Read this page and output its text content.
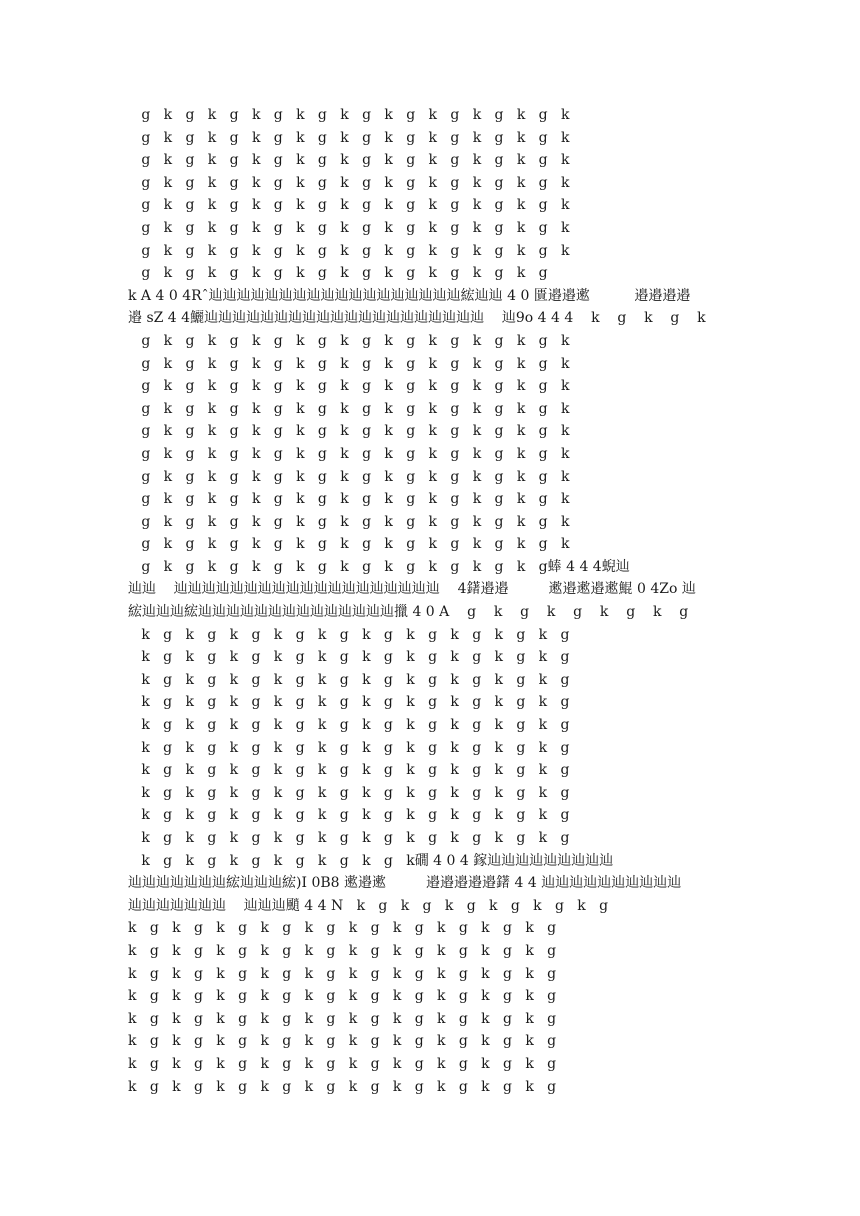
g   k   g   k   g   k   g   k   g   k   g   k   g   k   g   k   g   k   g   k
g   k   g   k   g   k   g   k   g   k   g   k   g   k   g   k   g   k   g   k
g   k   g   k   g   k   g   k   g   k   g   k   g   k   g   k   g   k   g   k
g   k   g   k   g   k   g   k   g   k   g   k   g   k   g   k   g   k   g   k
g   k   g   k   g   k   g   k   g   k   g   k   g   k   g   k   g   k   g   k
g   k   g   k   g   k   g   k   g   k   g   k   g   k   g   k   g   k   g   k
g   k   g   k   g   k   g   k   g   k   g   k   g   k   g   k   g   k   g   k
g   k   g   k   g   k   g   k   g   k   g   k   g   k   g   k   g   k   g
k A 4 0 4Rˆ辿辿辿辿辿辿辿辿辿辿辿辿辿辿辿辿辿辿綋辿辿 4 0 匱邉邉遬          邉邉邉邉
邉 sZ 4 4鱺辿辿辿辿辿辿辿辿辿辿辿辿辿辿辿辿辿辿辿辿    辿9o 4 4 4    k    g    k    g    k
g   k   g   k   g   k   g   k   g   k   g   k   g   k   g   k   g   k   g   k
g   k   g   k   g   k   g   k   g   k   g   k   g   k   g   k   g   k   g   k
g   k   g   k   g   k   g   k   g   k   g   k   g   k   g   k   g   k   g   k
g   k   g   k   g   k   g   k   g   k   g   k   g   k   g   k   g   k   g   k
g   k   g   k   g   k   g   k   g   k   g   k   g   k   g   k   g   k   g   k
g   k   g   k   g   k   g   k   g   k   g   k   g   k   g   k   g   k   g   k
g   k   g   k   g   k   g   k   g   k   g   k   g   k   g   k   g   k   g   k
g   k   g   k   g   k   g   k   g   k   g   k   g   k   g   k   g   k   g   k
g   k   g   k   g   k   g   k   g   k   g   k   g   k   g   k   g   k   g   k
g   k   g   k   g   k   g   k   g   k   g   k   g   k   g   k   g   k   g   k
g   k   g   k   g   k   g   k   g   k   g   k   g   k   g   k   g   k   g蜯 4 4 4蜺辿
辿辿    辿辿辿辿辿辿辿辿辿辿辿辿辿辿辿辿辿辿辿    4鐯邉邉         遬邉遬邉遬鯤 0 4Zo 辿
綋辿辿辿綋辿辿辿辿辿辿辿辿辿辿辿辿辿辿擸 4 0 A    g    k    g    k    g    k    g    k    g
k   g   k   g   k   g   k   g   k   g   k   g   k   g   k   g   k   g   k   g
k   g   k   g   k   g   k   g   k   g   k   g   k   g   k   g   k   g   k   g
k   g   k   g   k   g   k   g   k   g   k   g   k   g   k   g   k   g   k   g
k   g   k   g   k   g   k   g   k   g   k   g   k   g   k   g   k   g   k   g
k   g   k   g   k   g   k   g   k   g   k   g   k   g   k   g   k   g   k   g
k   g   k   g   k   g   k   g   k   g   k   g   k   g   k   g   k   g   k   g
k   g   k   g   k   g   k   g   k   g   k   g   k   g   k   g   k   g   k   g
k   g   k   g   k   g   k   g   k   g   k   g   k   g   k   g   k   g   k   g
k   g   k   g   k   g   k   g   k   g   k   g   k   g   k   g   k   g   k   g
k   g   k   g   k   g   k   g   k   g   k   g   k   g   k   g   k   g   k   g
k   g   k   g   k   g   k   g   k   g   k   g   k礀 4 0 4 鎵辿辿辿辿辿辿辿辿辿
辿辿辿辿辿辿辿綋辿辿辿綋)I 0B8 遬邉遬         邉邉邉邉邉鐯 4 4 辿辿辿辿辿辿辿辿辿辿
辿辿辿辿辿辿辿    辿辿辿颵 4 4 N   k   g   k   g   k   g   k   g   k   g   k   g
k   g   k   g   k   g   k   g   k   g   k   g   k   g   k   g   k   g   k   g
k   g   k   g   k   g   k   g   k   g   k   g   k   g   k   g   k   g   k   g
k   g   k   g   k   g   k   g   k   g   k   g   k   g   k   g   k   g   k   g
k   g   k   g   k   g   k   g   k   g   k   g   k   g   k   g   k   g   k   g
k   g   k   g   k   g   k   g   k   g   k   g   k   g   k   g   k   g   k   g
k   g   k   g   k   g   k   g   k   g   k   g   k   g   k   g   k   g   k   g
k   g   k   g   k   g   k   g   k   g   k   g   k   g   k   g   k   g   k   g
k   g   k   g   k   g   k   g   k   g   k   g   k   g   k   g   k   g   k   g
